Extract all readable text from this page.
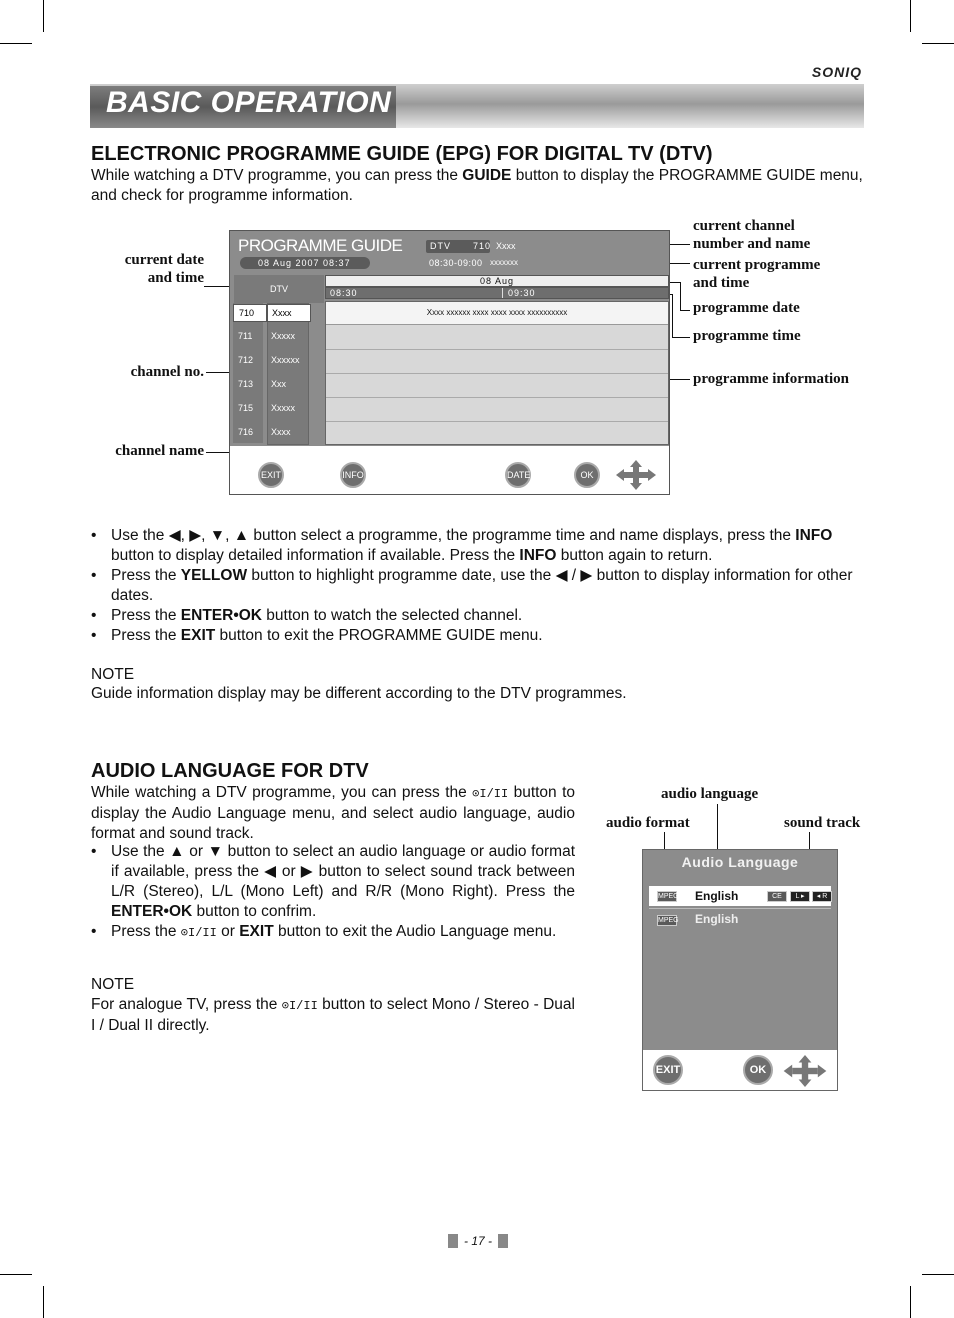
SONIQ
BASIC OPERATION
ELECTRONIC PROGRAMME GUIDE (EPG) FOR DIGITAL TV (DTV)

While watching a DTV programme, you can press the GUIDE button to display the PROGRAMME GUIDE menu, and check for programme information.

current date
and time
channel no.
channel name
current channel
number and name
current programme
and time
programme date
programme time
programme information
PROGRAMME GUIDE
08 Aug 2007 08:37
DTV 710 Xxxx
08:30-09:00 xxxxxxx
DTV
08 Aug
08:30	09:30
710	Xxxx
711	Xxxxx
712	Xxxxxx
713	Xxx
715	Xxxxx
716	Xxxx
Xxxx xxxxxx xxxx xxxx xxxx xxxxxxxxxx
EXIT	INFO	DATE	OK
• Use the ◀, ▶, ▼, ▲ button select a programme, the programme time and name displays, press the INFO button to display detailed information if available. Press the INFO button again to return.
• Press the YELLOW button to highlight programme date, use the ◀ / ▶ button to display information for other dates.
• Press the ENTER•OK button to watch the selected channel.
• Press the EXIT button to exit the PROGRAMME GUIDE menu.

NOTE

Guide information display may be different according to the DTV programmes.

AUDIO LANGUAGE FOR DTV

While watching a DTV programme, you can press the ⊙I/II button to display the Audio Language menu, and select audio language, audio format and sound track.

• Use the ▲ or ▼ button to select an audio language or audio format if available, press the ◀ or ▶ button to select sound track between L/R (Stereo), L/L (Mono Left) and R/R (Mono Right). Press the ENTER•OK button to confrim.
• Press the ⊙I/II or EXIT button to exit the Audio Language menu.

NOTE

For analogue TV, press the ⊙I/II button to select Mono / Stereo - Dual I / Dual II directly.

audio language
audio format	sound track
Audio Language
MPEG English	CE	L ▸	◂ R
MPEG English
EXIT	OK
- 17 -
